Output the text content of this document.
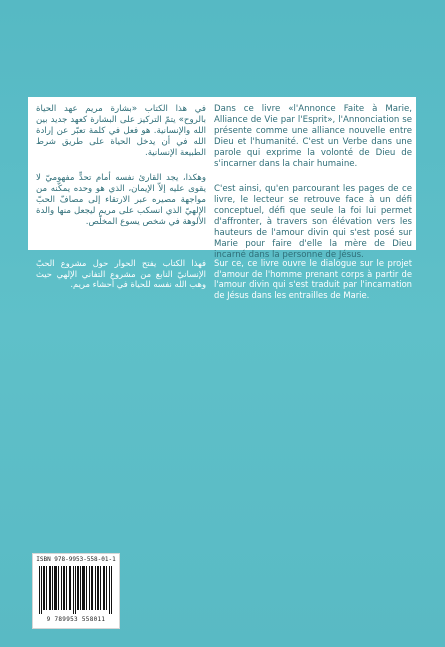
Dans ce livre «l'Annonce Faite à Marie, Alliance de Vie par l'Esprit», l'Annonciation se présente comme une alliance nouvelle entre Dieu et l'humanité. C'est un Verbe dans une parole qui exprime la volonté de Dieu de s'incarner dans la chair humaine.

C'est ainsi, qu'en parcourant les pages de ce livre, le lecteur se retrouve face à un défi conceptuel, défi que seule la foi lui permet d'affronter, à travers son élévation vers les hauteurs de l'amour divin qui s'est posé sur Marie pour faire d'elle la mère de Dieu incarné dans la personne de Jésus.

في هذا الكتاب «بشارة مريم عهد الحياة بالروح» يتمّ التركيز على البشارة كعهد جديد بين الله والإنسانية. هو فعل في كلمة تعبّر عن إرادة الله في أن يدخل الحياة على طريق شرط الطبيعة الإنسانية.

وهكذا، يجد القارئ نفسه أمام تحدٍّ مفهوميّ لا يقوى عليه إلاّ الإيمان، الذي هو وحده يمكّنه من مواجهة مصيره عبر الارتقاء إلى مصافّ الحبّ الإلهيّ الذي انسكب على مريم ليجعل منها والدة الألوهة في شخص يسوع المخلّص.

Sur ce, ce livre ouvre le dialogue sur le projet d'amour de l'homme prenant corps à partir de l'amour divin qui s'est traduit par l'incarnation de Jésus dans les entrailles de Marie.

فهذا الكتاب يفتح الحوار حول مشروع الحبّ الإنسانيّ النابع من مشروع التفاني الإلهي حيث وهب الله نفسه للحياة في أحشاء مريم.

ISBN 978-9953-558-01-1
9 789953 558011
